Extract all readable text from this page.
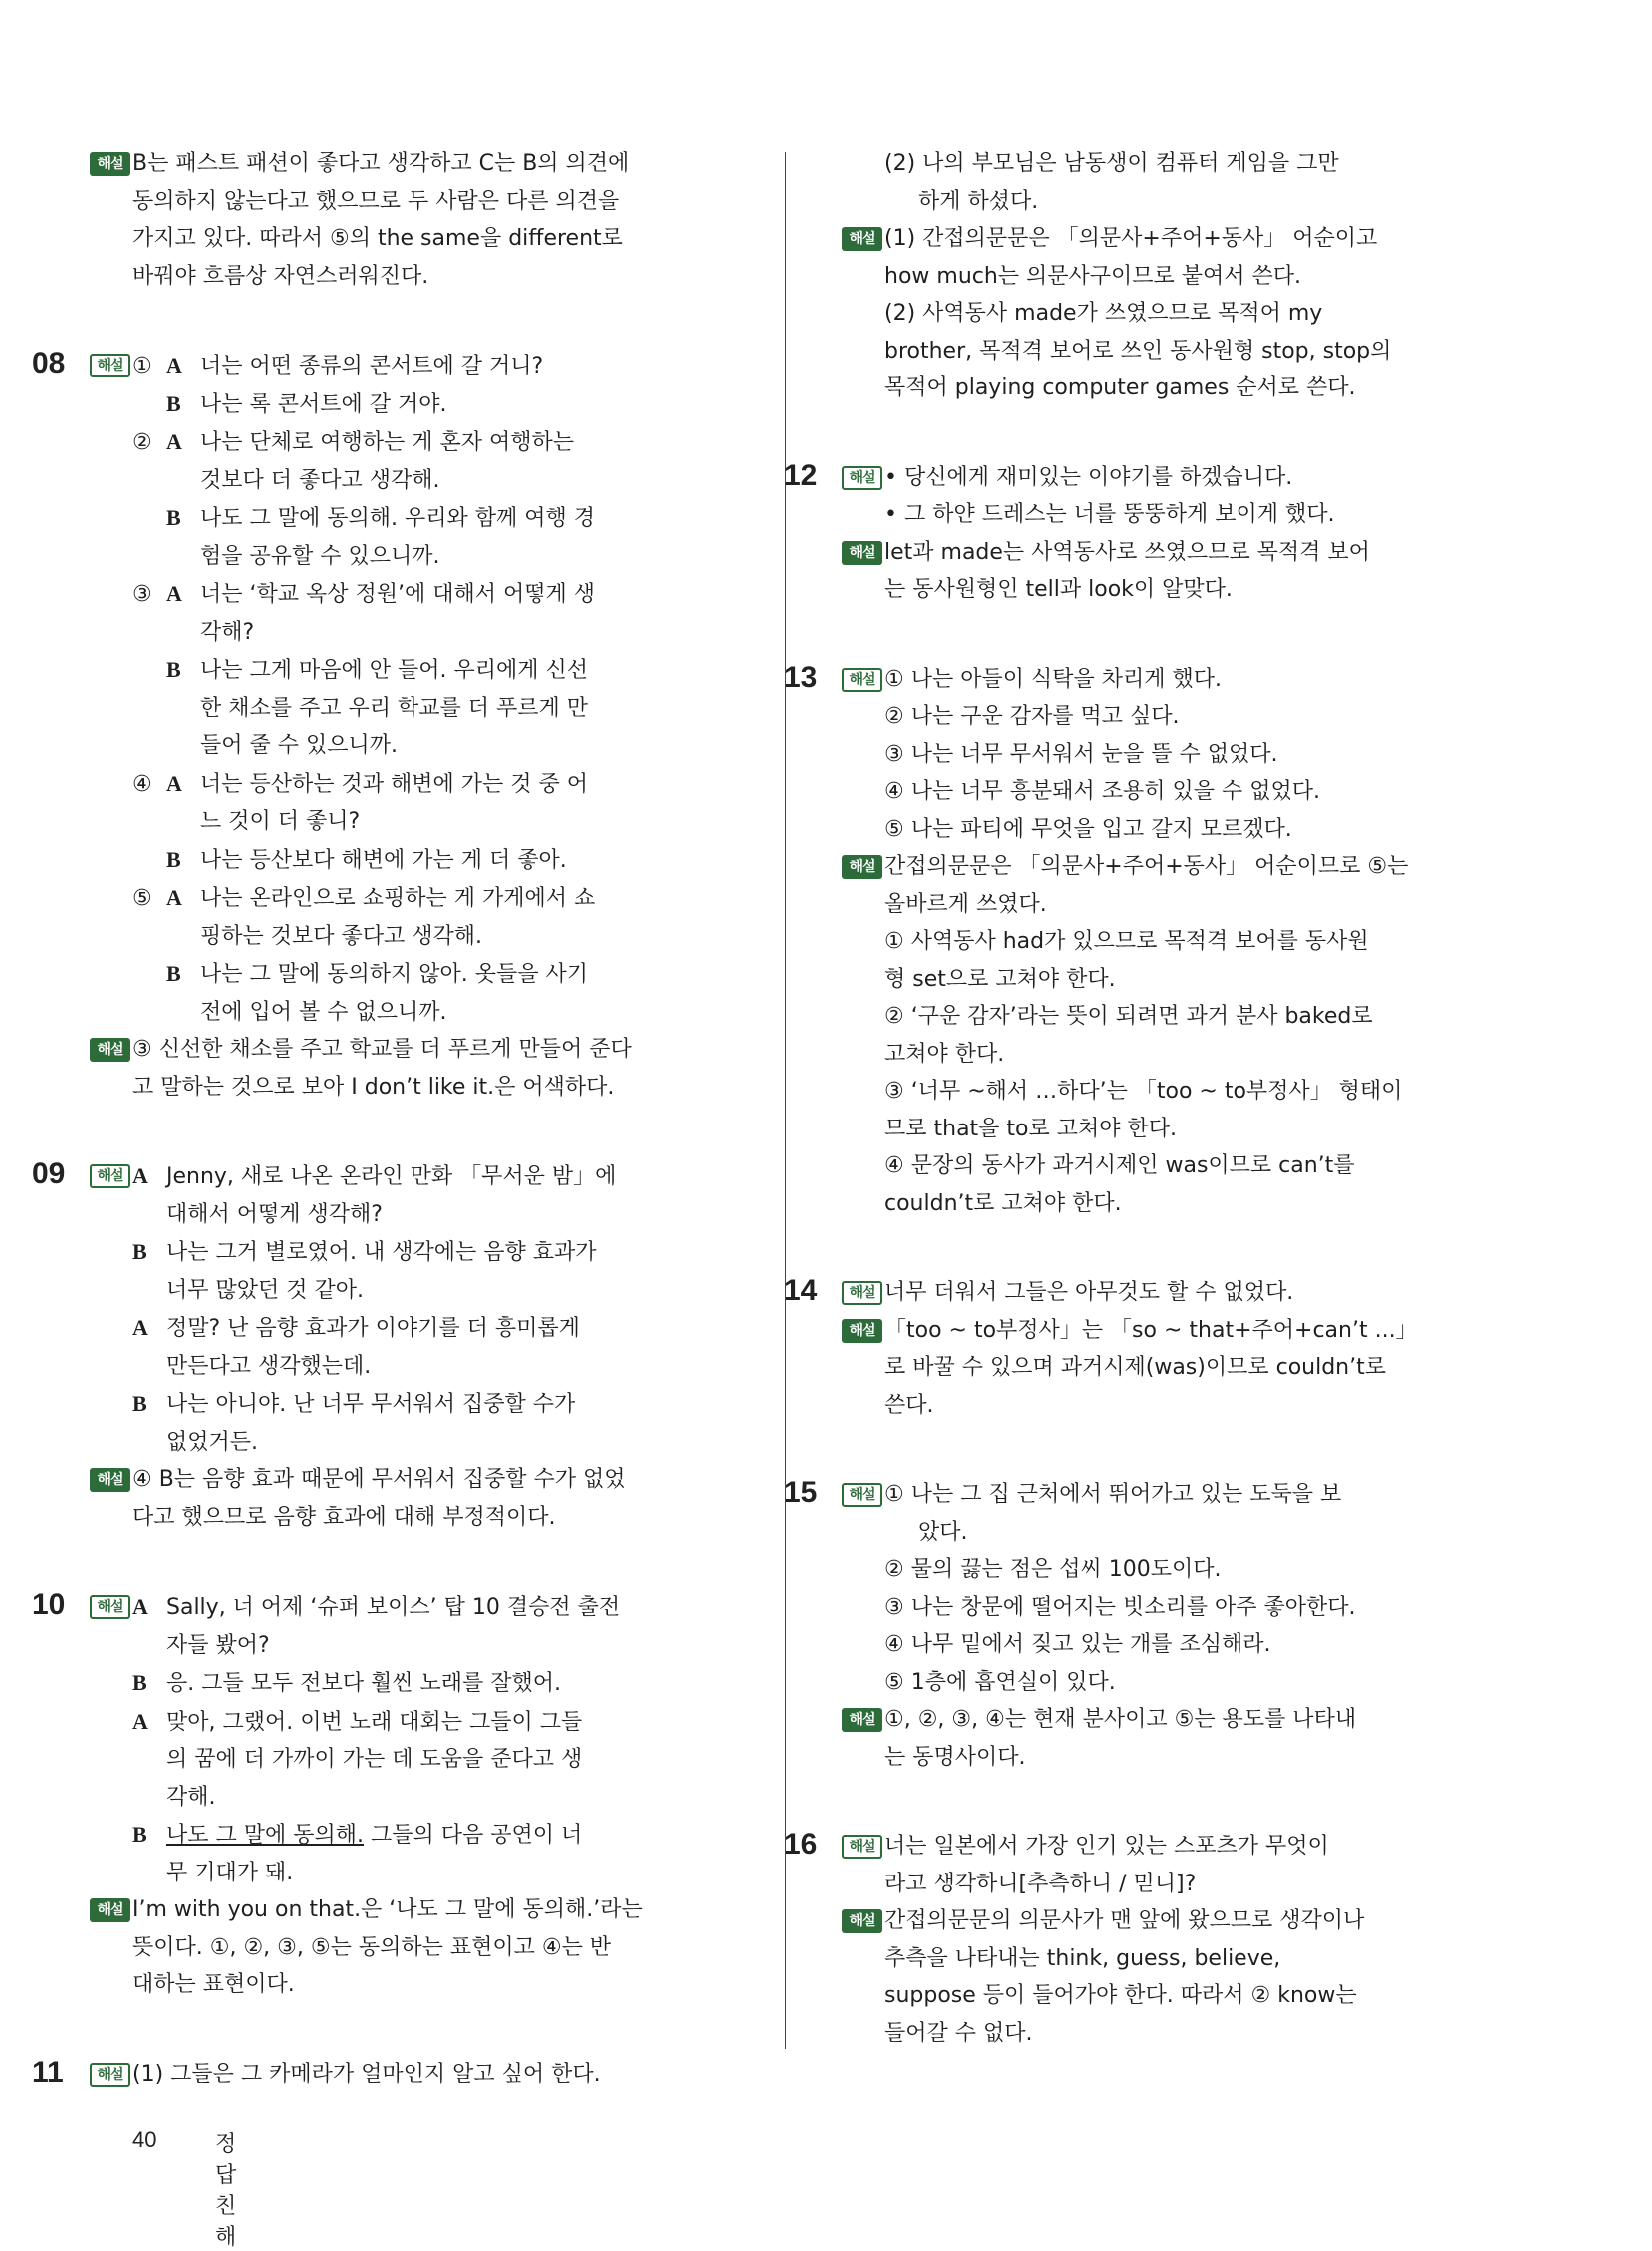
해설 B는 패스트 패션이 좋다고 생각하고 C는 B의 의견에
동의하지 않는다고 했으므로 두 사람은 다른 의견을
가지고 있다. 따라서 ⑤의 the same을 different로
바꿔야 흐름상 자연스러워진다.
08	해설 ① A 너는 어떤 종류의 콘서트에 갈 거니?
B 나는 록 콘서트에 갈 거야.
② A 나는 단체로 여행하는 게 혼자 여행하는
것보다 더 좋다고 생각해.
B 나도 그 말에 동의해. 우리와 함께 여행 경
험을 공유할 수 있으니까.
③ A 너는 ‘학교 옥상 정원’에 대해서 어떻게 생
각해?
B 나는 그게 마음에 안 들어. 우리에게 신선
한 채소를 주고 우리 학교를 더 푸르게 만
들어 줄 수 있으니까.
④ A 너는 등산하는 것과 해변에 가는 것 중 어
느 것이 더 좋니?
B 나는 등산보다 해변에 가는 게 더 좋아.
⑤ A 나는 온라인으로 쇼핑하는 게 가게에서 쇼
핑하는 것보다 좋다고 생각해.
B 나는 그 말에 동의하지 않아. 옷들을 사기
전에 입어 볼 수 없으니까.
해설 ③ 신선한 채소를 주고 학교를 더 푸르게 만들어 준다
고 말하는 것으로 보아 I don’t like it.은 어색하다.
09	해설 A Jenny, 새로 나온 온라인 만화 「무서운 밤」에
대해서 어떻게 생각해?
B 나는 그거 별로였어. 내 생각에는 음향 효과가
너무 많았던 것 같아.
A 정말? 난 음향 효과가 이야기를 더 흥미롭게
만든다고 생각했는데.
B 나는 아니야. 난 너무 무서워서 집중할 수가
없었거든.
해설 ④ B는 음향 효과 때문에 무서워서 집중할 수가 없었
다고 했으므로 음향 효과에 대해 부정적이다.
10	해설 A Sally, 너 어제 ‘슈퍼 보이스’ 탑 10 결승전 출전
자들 봤어?
B 응. 그들 모두 전보다 훨씬 노래를 잘했어.
A 맞아, 그랬어. 이번 노래 대회는 그들이 그들
의 꿈에 더 가까이 가는 데 도움을 준다고 생
각해.
B 나도 그 말에 동의해. 그들의 다음 공연이 너
무 기대가 돼.
해설 I’m with you on that.은 ‘나도 그 말에 동의해.’라는
뜻이다. ①, ②, ③, ⑤는 동의하는 표현이고 ④는 반
대하는 표현이다.
11	해설 (1) 그들은 그 카메라가 얼마인지 알고 싶어 한다.
(2) 나의 부모님은 남동생이 컴퓨터 게임을 그만
하게 하셨다.
해설 (1) 간접의문문은 「의문사+주어+동사」 어순이고
how much는 의문사구이므로 붙여서 쓴다.
(2) 사역동사 made가 쓰였으므로 목적어 my
brother, 목적격 보어로 쓰인 동사원형 stop, stop의
목적어 playing computer games 순서로 쓴다.
12	해설 • 당신에게 재미있는 이야기를 하겠습니다.
• 그 하얀 드레스는 너를 뚱뚱하게 보이게 했다.
해설 let과 made는 사역동사로 쓰였으므로 목적격 보어
는 동사원형인 tell과 look이 알맞다.
13	해설 ① 나는 아들이 식탁을 차리게 했다.
② 나는 구운 감자를 먹고 싶다.
③ 나는 너무 무서워서 눈을 뜰 수 없었다.
④ 나는 너무 흥분돼서 조용히 있을 수 없었다.
⑤ 나는 파티에 무엇을 입고 갈지 모르겠다.
해설 간접의문문은 「의문사+주어+동사」 어순이므로 ⑤는
올바르게 쓰였다.
① 사역동사 had가 있으므로 목적격 보어를 동사원
형 set으로 고쳐야 한다.
② ‘구운 감자’라는 뜻이 되려면 과거 분사 baked로
고쳐야 한다.
③ ‘너무 ~해서 …하다’는 「too ~ to부정사」 형태이
므로 that을 to로 고쳐야 한다.
④ 문장의 동사가 과거시제인 was이므로 can’t를
couldn’t로 고쳐야 한다.
14	해설 너무 더워서 그들은 아무것도 할 수 없었다.
해설 「too ~ to부정사」는 「so ~ that+주어+can’t ...」
로 바꿀 수 있으며 과거시제(was)이므로 couldn’t로
쓴다.
15	해설 ① 나는 그 집 근처에서 뛰어가고 있는 도둑을 보
았다.
② 물의 끓는 점은 섭씨 100도이다.
③ 나는 창문에 떨어지는 빗소리를 아주 좋아한다.
④ 나무 밑에서 짖고 있는 개를 조심해라.
⑤ 1층에 흡연실이 있다.
해설 ①, ②, ③, ④는 현재 분사이고 ⑤는 용도를 나타내
는 동명사이다.
16	해설 너는 일본에서 가장 인기 있는 스포츠가 무엇이
라고 생각하니[추측하니 / 믿니]?
해설 간접의문문의 의문사가 맨 앞에 왔으므로 생각이나
추측을 나타내는 think, guess, believe,
suppose 등이 들어가야 한다. 따라서 ② know는
들어갈 수 없다.
40	정답친해
